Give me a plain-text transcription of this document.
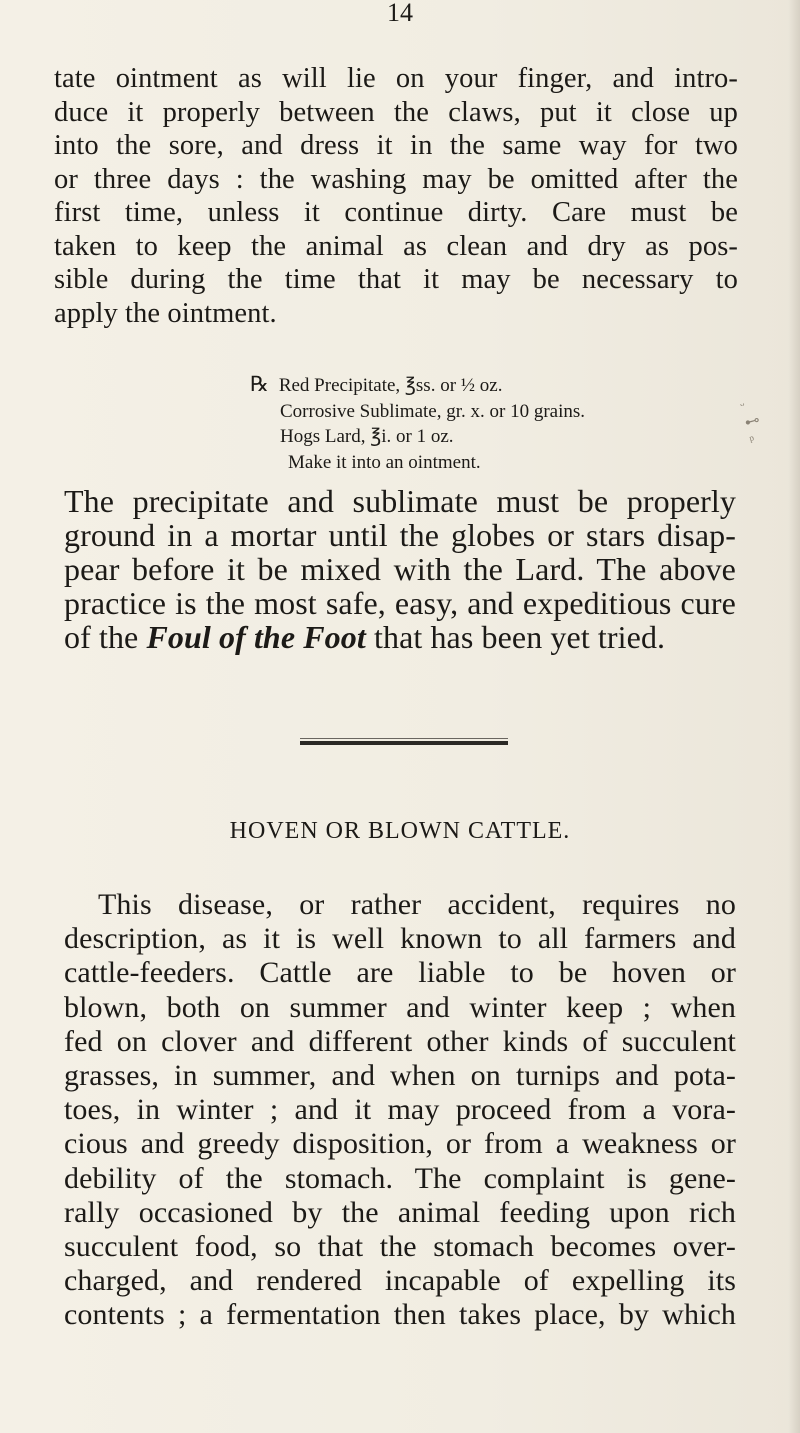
14
tate ointment as will lie on your finger, and intro-
duce it properly between the claws, put it close up
into the sore, and dress it in the same way for two
or three days : the washing may be omitted after the
first time, unless it continue dirty. Care must be
taken to keep the animal as clean and dry as pos-
sible during the time that it may be necessary to
apply the ointment.
℞ Red Precipitate, ℥ss. or ½ oz.
Corrosive Sublimate, gr. x. or 10 grains.
Hogs Lard, ℥i. or 1 oz.
Make it into an ointment.
ᵕ
⊷
ᵖ
The precipitate and sublimate must be properly
ground in a mortar until the globes or stars disap-
pear before it be mixed with the Lard. The above
practice is the most safe, easy, and expeditious cure
of the Foul of the Foot that has been yet tried.
HOVEN OR BLOWN CATTLE.
This disease, or rather accident, requires no
description, as it is well known to all farmers and
cattle-feeders. Cattle are liable to be hoven or
blown, both on summer and winter keep ; when
fed on clover and different other kinds of succulent
grasses, in summer, and when on turnips and pota-
toes, in winter ; and it may proceed from a vora-
cious and greedy disposition, or from a weakness or
debility of the stomach. The complaint is gene-
rally occasioned by the animal feeding upon rich
succulent food, so that the stomach becomes over-
charged, and rendered incapable of expelling its
contents ; a fermentation then takes place, by which
